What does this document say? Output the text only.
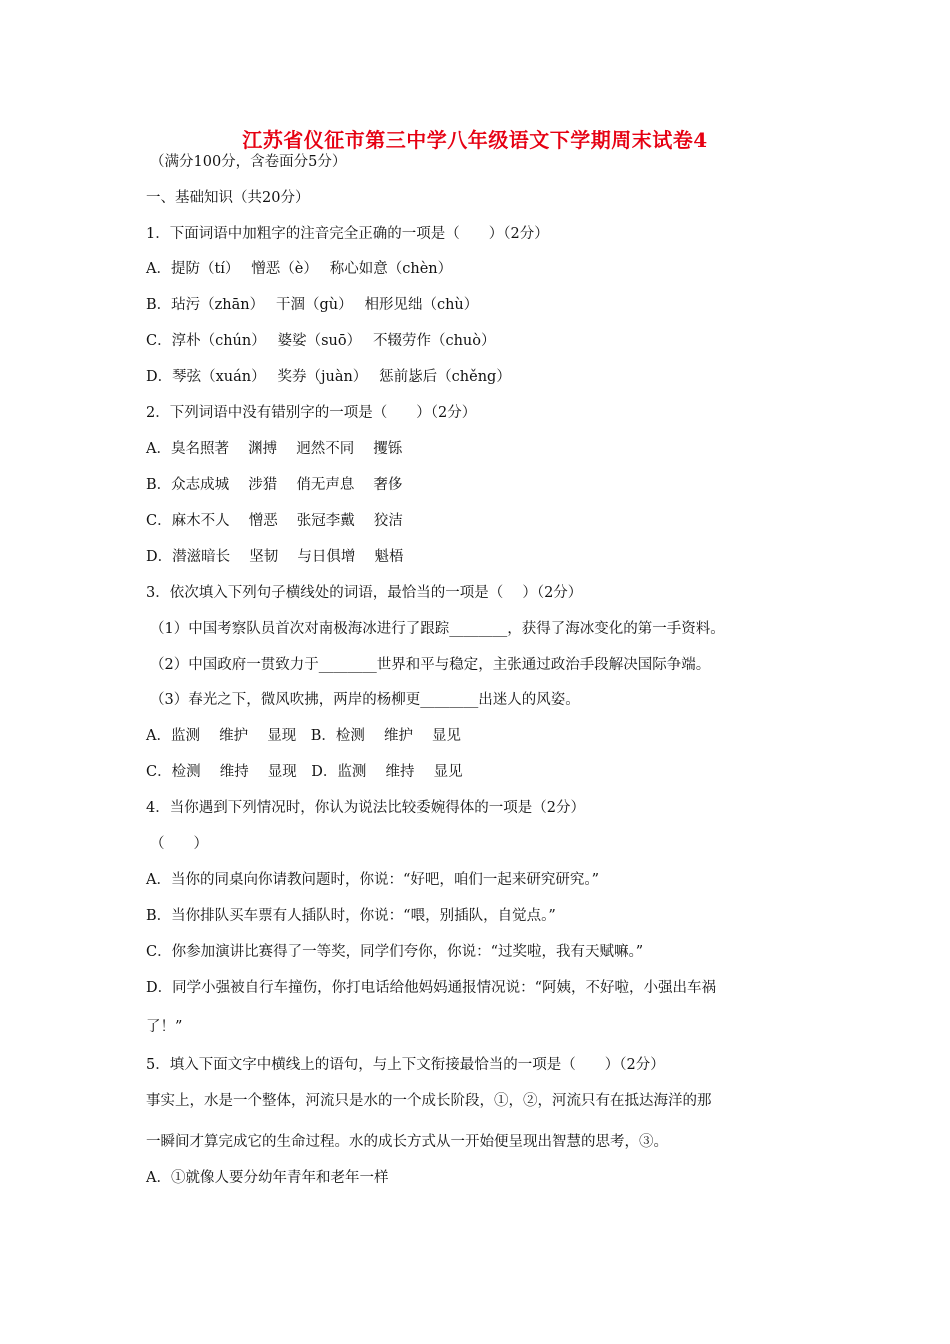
江苏省仪征市第三中学八年级语文下学期周末试卷4
（满分100分，含卷面分5分）
一、基础知识（共20分）
1．下面词语中加粗字的注音完全正确的一项是（　　）（2分）
A．提防（tí）　 憎恶（è）　 称心如意（chèn）
B．玷污（zhān）　 干涸（gù）　 相形见绌（chù）
C．淳朴（chún）　 婆娑（suō）　 不辍劳作（chuò）
D．琴弦（xuán）　 奖券（juàn）　 惩前毖后（chěng）
2．下列词语中没有错别字的一项是（　　）（2分）
A．臭名照著　 渊搏　 迥然不同　 攫铄
B．众志成城　 涉猎　 俏无声息　 奢侈
C．麻木不人　 憎恶　 张冠李戴　 狡洁
D．潜滋暗长　 坚韧　 与日俱增　 魁梧
3．依次填入下列句子横线处的词语，最恰当的一项是（　 ）（2分）
（1）中国考察队员首次对南极海冰进行了跟踪________，获得了海冰变化的第一手资料。
（2）中国政府一贯致力于________世界和平与稳定，主张通过政治手段解决国际争端。
（3）春光之下，微风吹拂，两岸的杨柳更________出迷人的风姿。
A．监测　 维护　 显现　B．检测　 维护　 显见
C．检测　 维持　 显现　D．监测　 维持　 显见
4．当你遇到下列情况时，你认为说法比较委婉得体的一项是（2分）
（　　）
A．当你的同桌向你请教问题时，你说：“好吧，咱们一起来研究研究。”
B．当你排队买车票有人插队时，你说：“喂，别插队，自觉点。”
C．你参加演讲比赛得了一等奖，同学们夸你，你说：“过奖啦，我有天赋嘛。”
D．同学小强被自行车撞伤，你打电话给他妈妈通报情况说：“阿姨，不好啦，小强出车祸
了！”
5．填入下面文字中横线上的语句，与上下文衔接最恰当的一项是（　　）（2分）
事实上，水是一个整体，河流只是水的一个成长阶段，①，②，河流只有在抵达海洋的那
一瞬间才算完成它的生命过程。水的成长方式从一开始便呈现出智慧的思考，③。
A．①就像人要分幼年青年和老年一样
